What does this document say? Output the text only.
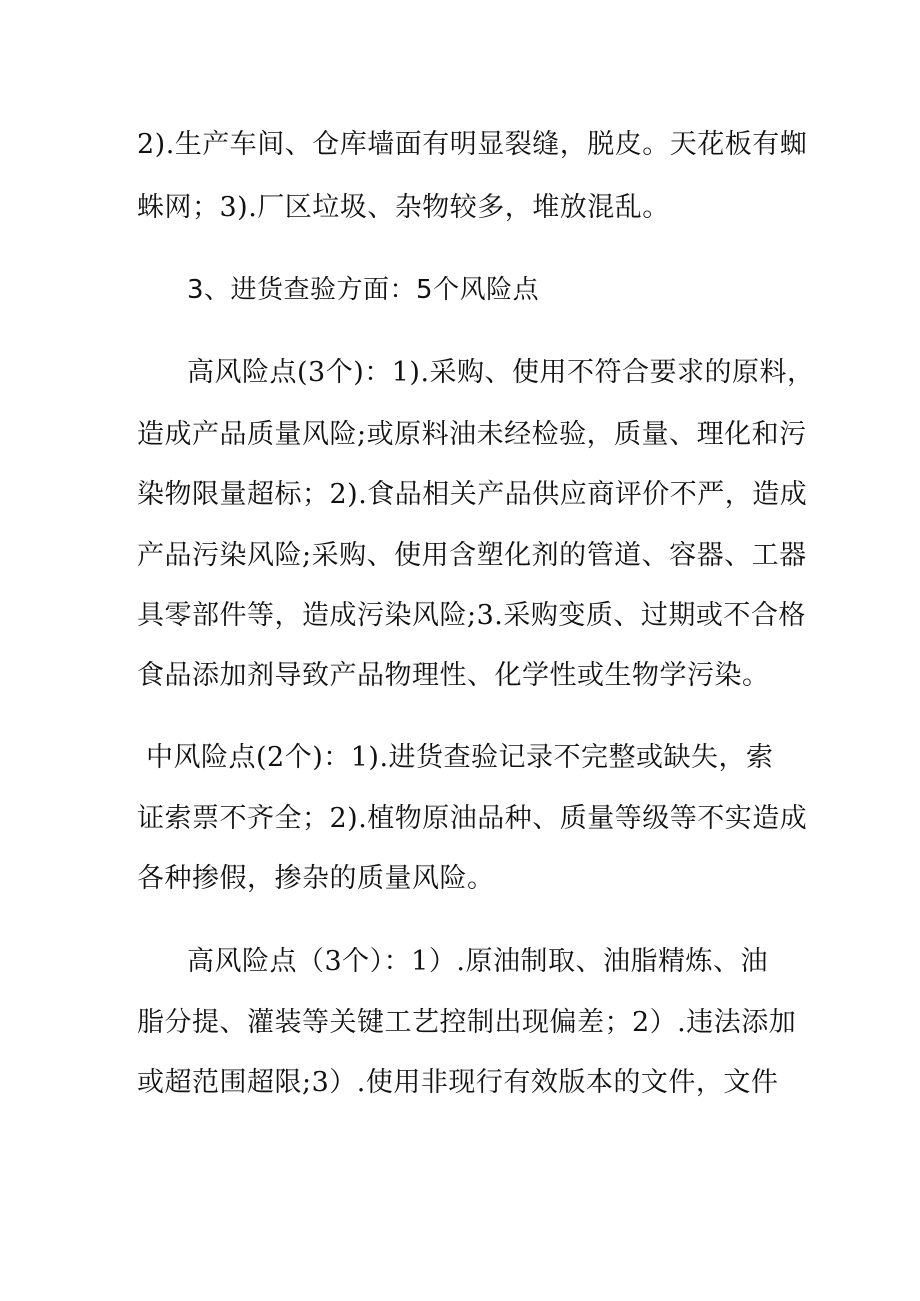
2).生产车间、仓库墙面有明显裂缝，脱皮。天花板有蜘
蛛网；3).厂区垃圾、杂物较多，堆放混乱。
3、进货查验方面：5个风险点
高风险点(3个)：1).采购、使用不符合要求的原料，
造成产品质量风险;或原料油未经检验，质量、理化和污
染物限量超标；2).食品相关产品供应商评价不严，造成
产品污染风险;采购、使用含塑化剂的管道、容器、工器
具零部件等，造成污染风险;3.采购变质、过期或不合格
食品添加剂导致产品物理性、化学性或生物学污染。
中风险点(2个)：1).进货查验记录不完整或缺失，索
证索票不齐全；2).植物原油品种、质量等级等不实造成
各种掺假，掺杂的质量风险。
高风险点（3个）：1）.原油制取、油脂精炼、油
脂分提、灌装等关键工艺控制出现偏差；2）.违法添加
或超范围超限;3）.使用非现行有效版本的文件，文件
